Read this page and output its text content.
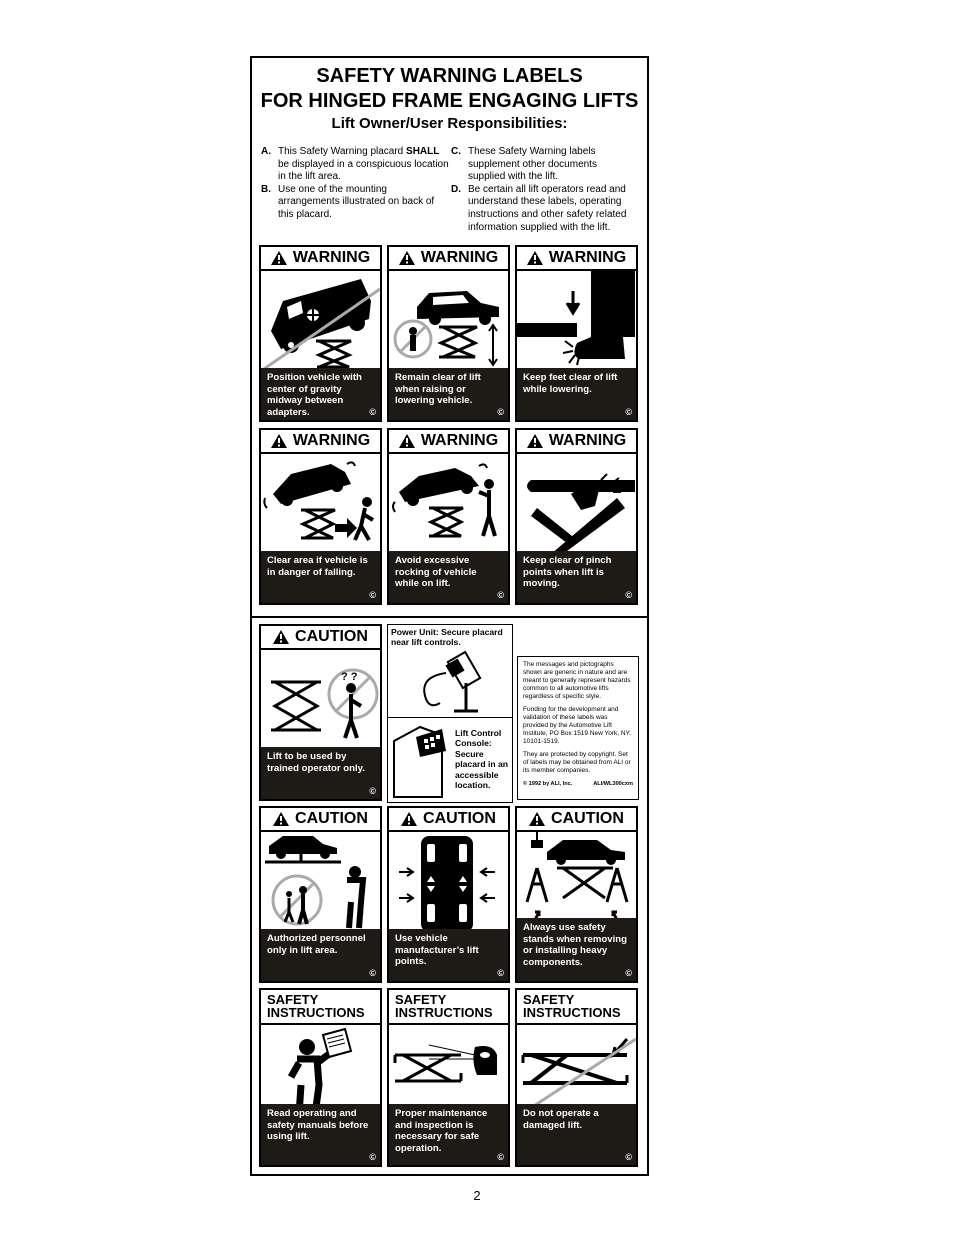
SAFETY WARNING LABELS
FOR HINGED FRAME ENGAGING LIFTS
Lift Owner/User Responsibilities:
A. This Safety Warning placard SHALL be displayed in a conspicuous location in the lift area.
B. Use one of the mounting arrangements illustrated on back of this placard.
C. These Safety Warning labels supplement other documents supplied with the lift.
D. Be certain all lift operators read and understand these labels, operating instructions and other safety related information supplied with the lift.
WARNING
Position vehicle with center of gravity midway between adapters.	©
WARNING
Remain clear of lift when raising or lowering vehicle.
©
WARNING
Keep feet clear of lift while lowering.
©
WARNING
Clear area if vehicle is in danger of falling.
©
WARNING
Avoid excessive rocking of vehicle while on lift.
©
WARNING
Keep clear of pinch points when lift is moving.
©
CAUTION
? ?
Lift to be used by trained operator only.
©
Power Unit: Secure placard near lift controls.
Lift Control Console: Secure placard in an accessible location.

The messages and pictographs shown are generic in nature and are meant to generally represent hazards common to all automotive lifts regardless of specific style.

Funding for the development and validation of these labels was provided by the Automotive Lift Institute, PO Box 1519 New York, NY. 10101-1519.

They are protected by copyright. Set of labels may be obtained from ALI or its member companies.

© 1992 by ALI, Inc.	ALI/WL300cxm
CAUTION
Authorized personnel only in lift area.
©
CAUTION
Use vehicle manufacturer’s lift points.
©
CAUTION
Always use safety stands when removing or installing heavy components.
©
SAFETY
INSTRUCTIONS
Read operating and safety manuals before using lift.
©
SAFETY
INSTRUCTIONS
Proper maintenance and inspection is necessary for safe operation.
©
SAFETY
INSTRUCTIONS
Do not operate a damaged lift.
©
2
